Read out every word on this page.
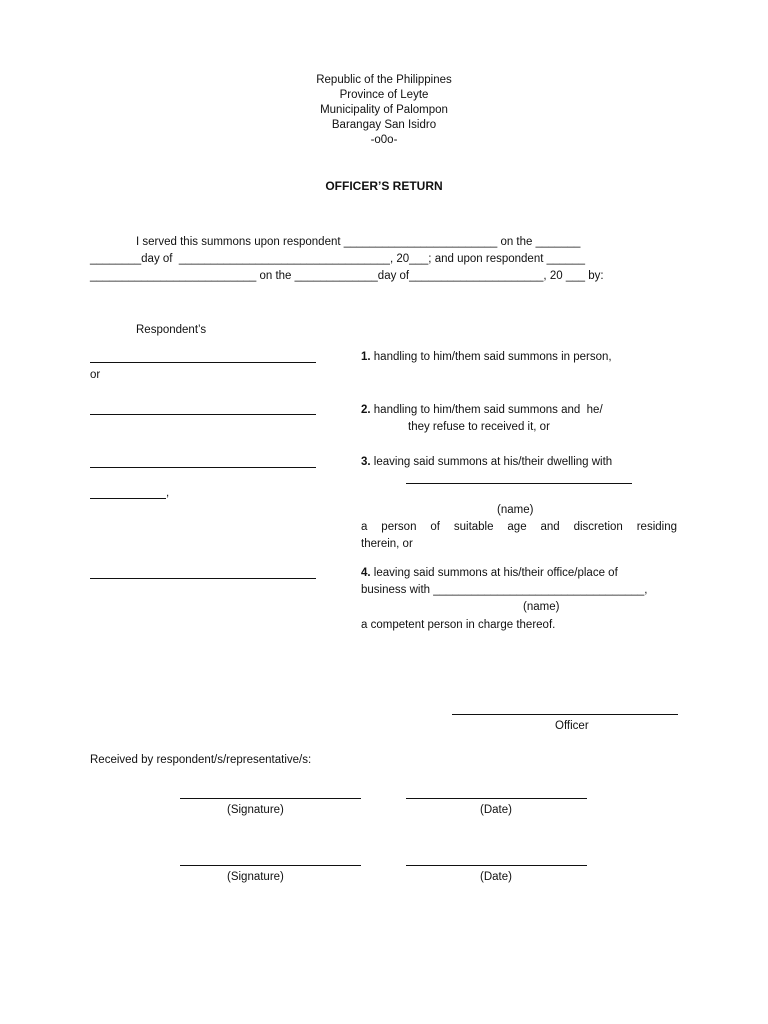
Republic of the Philippines
Province of Leyte
Municipality of Palompon
Barangay San Isidro
-o0o-
OFFICER’S RETURN
I served this summons upon respondent ________________________ on the _______
________day of  _________________________________, 20___; and upon respondent ______
__________________________ on the _____________day of_____________________, 20 ___ by:
Respondent’s
or
,
1. handling to him/them said summons in person,
2. handling to him/them said summons and  he/
they refuse to received it, or
3. leaving said summons at his/their dwelling with
(name)
a person of suitable age and discretion residing
therein, or
4. leaving said summons at his/their office/place of
business with _________________________________,
(name)
a competent person in charge thereof.
Officer
Received by respondent/s/representative/s:
(Signature)	(Date)
(Signature)	(Date)
